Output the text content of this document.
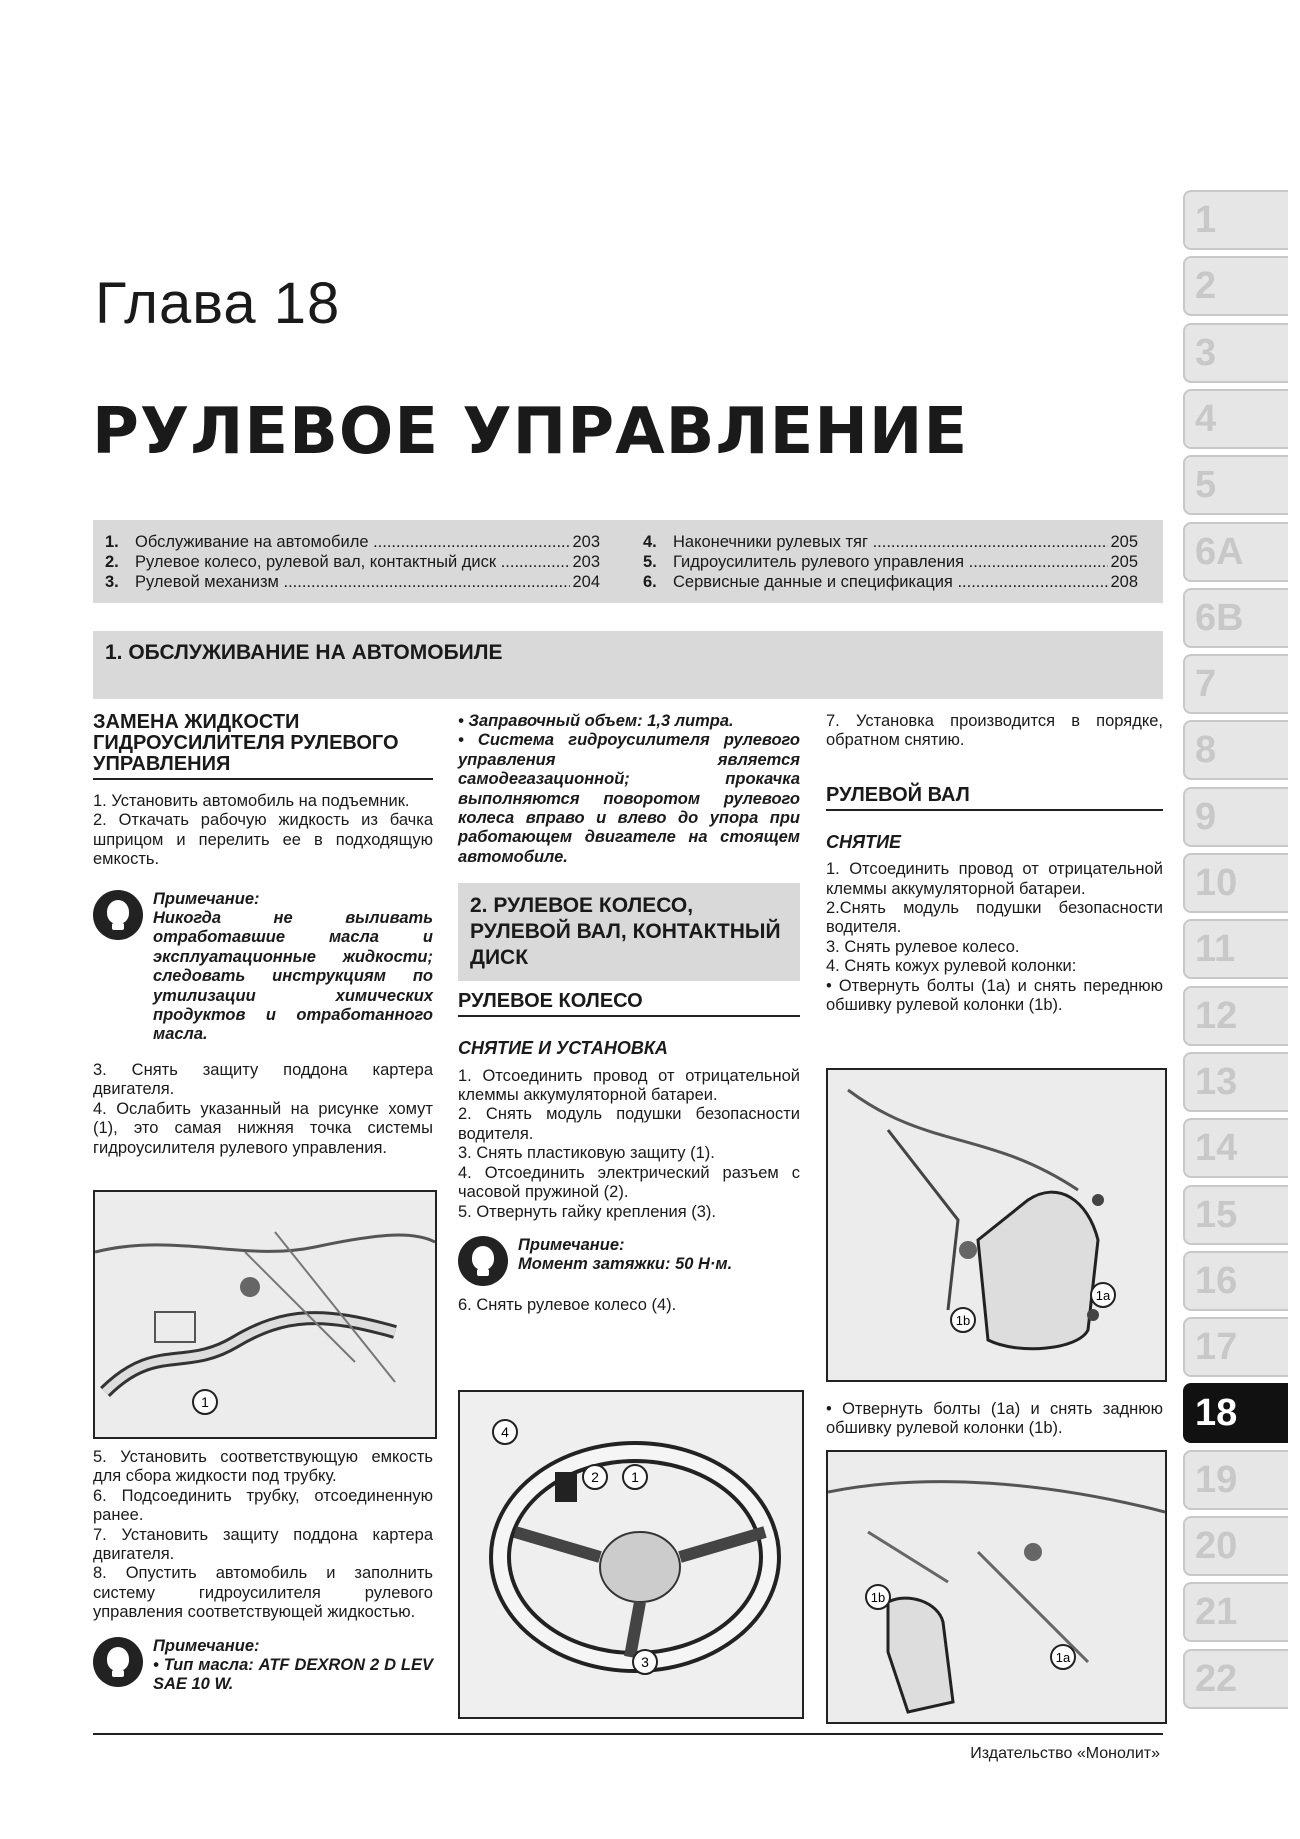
Глава 18
РУЛЕВОЕ УПРАВЛЕНИЕ
1. Обслуживание на автомобиле .....	203
2. Рулевое колесо, рулевой вал, контактный диск .....	203
3. Рулевой механизм .....	204
4. Наконечники рулевых тяг .....	205
5. Гидроусилитель рулевого управления .....	205
6. Сервисные данные и спецификация .....	208
1. ОБСЛУЖИВАНИЕ НА АВТОМОБИЛЕ
ЗАМЕНА ЖИДКОСТИ ГИДРОУСИЛИТЕЛЯ РУЛЕВОГО УПРАВЛЕНИЯ

1. Установить автомобиль на подъемник.

2. Откачать рабочую жидкость из бачка шприцом и перелить ее в подходящую емкость.

Примечание:
Никогда не выливать отработавшие масла и эксплуатационные жидкости; следовать инструкциям по утилизации химических продуктов и отработанного масла.

3. Снять защиту поддона картера двигателя.

4. Ослабить указанный на рисунке хомут (1), это самая нижняя точка системы гидроусилителя рулевого управления.

1

5. Установить соответствующую емкость для сбора жидкости под трубку.

6. Подсоединить трубку, отсоединенную ранее.

7. Установить защиту поддона картера двигателя.

8. Опустить автомобиль и заполнить систему гидроусилителя рулевого управления соответствующей жидкостью.

Примечание:
• Тип масла: ATF DEXRON 2 D LEV SAE 10 W.

• Заправочный объем: 1,3 литра.

• Система гидроусилителя рулевого управления является самодегазационной; прокачка выполняются поворотом рулевого колеса вправо и влево до упора при работающем двигателе на стоящем автомобиле.

2. РУЛЕВОЕ КОЛЕСО, РУЛЕВОЙ ВАЛ, КОНТАКТНЫЙ ДИСК
РУЛЕВОЕ КОЛЕСО
СНЯТИЕ И УСТАНОВКА

1. Отсоединить провод от отрицательной клеммы аккумуляторной батареи.

2. Снять модуль подушки безопасности водителя.

3. Снять пластиковую защиту (1).

4. Отсоединить электрический разъем с часовой пружиной (2).

5. Отвернуть гайку крепления (3).

Примечание:
Момент затяжки: 50 Н·м.

6. Снять рулевое колесо (4).

4
2 1
3

7. Установка производится в порядке, обратном снятию.

РУЛЕВОЙ ВАЛ
СНЯТИЕ

1. Отсоединить провод от отрицательной клеммы аккумуляторной батареи.

2.Снять модуль подушки безопасности водителя.

3. Снять рулевое колесо.

4. Снять кожух рулевой колонки:

• Отвернуть болты (1a) и снять переднюю обшивку рулевой колонки (1b).

1a
1b

• Отвернуть болты (1a) и снять заднюю обшивку рулевой колонки (1b).

1b
1a
1
2
3
4
5
6A
6B
7
8
9
10
11
12
13
14
15
16
17
18
19
20
21
22
Издательство «Монолит»
